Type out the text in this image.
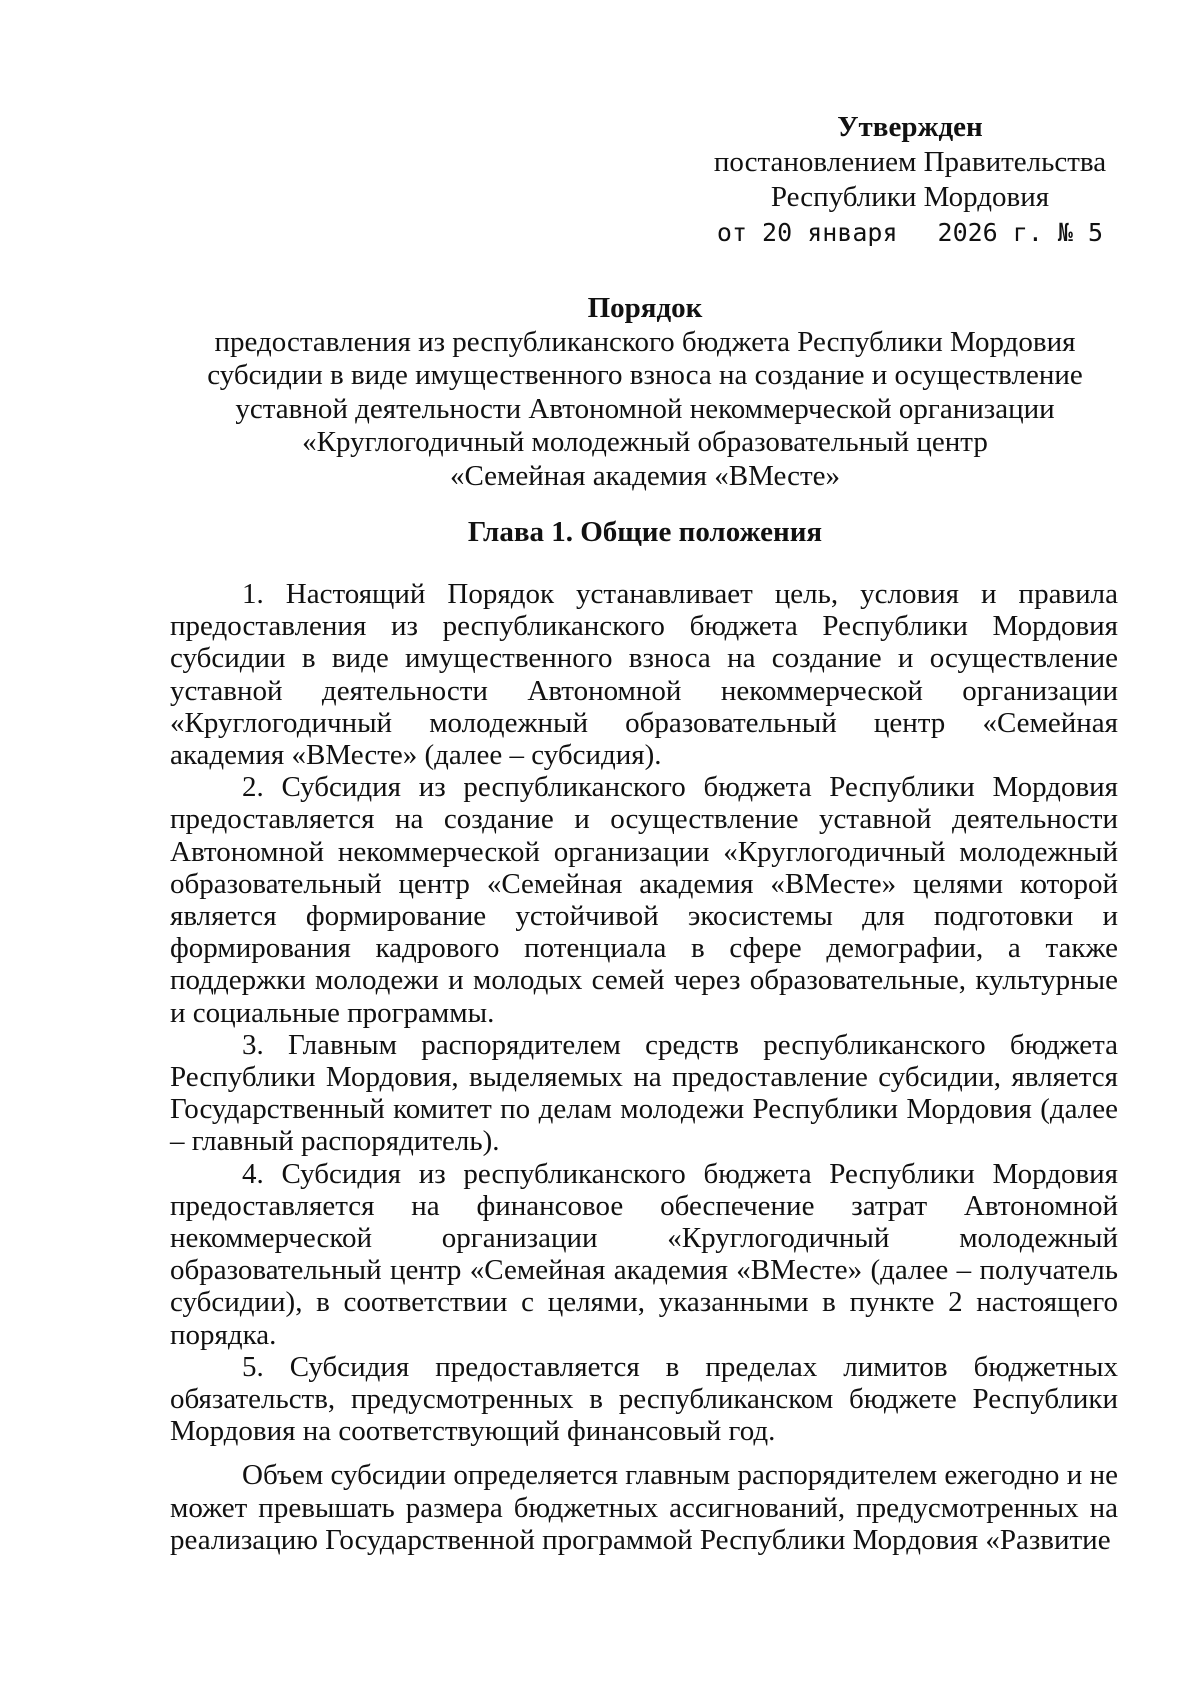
Утвержден
постановлением Правительства
Республики Мордовия
от 20 января 2026 г. № 5
Порядок
предоставления из республиканского бюджета Республики Мордовия
субсидии в виде имущественного взноса на создание и осуществление
уставной деятельности Автономной некоммерческой организации
«Круглогодичный молодежный образовательный центр
«Семейная академия «ВМесте»
Глава 1. Общие положения

1. Настоящий Порядок устанавливает цель, условия и правила предоставления из республиканского бюджета Республики Мордовия субсидии в виде имущественного взноса на создание и осуществление уставной деятельности Автономной некоммерческой организации «Круглогодичный молодежный образовательный центр «Семейная академия «ВМесте» (далее – субсидия).

2. Субсидия из республиканского бюджета Республики Мордовия предоставляется на создание и осуществление уставной деятельности Автономной некоммерческой организации «Круглогодичный молодежный образовательный центр «Семейная академия «ВМесте» целями которой является формирование устойчивой экосистемы для подготовки и формирования кадрового потенциала в сфере демографии, а также поддержки молодежи и молодых семей через образовательные, культурные и социальные программы.

3. Главным распорядителем средств республиканского бюджета Республики Мордовия, выделяемых на предоставление субсидии, является Государственный комитет по делам молодежи Республики Мордовия (далее – главный распорядитель).

4. Субсидия из республиканского бюджета Республики Мордовия предоставляется на финансовое обеспечение затрат Автономной некоммерческой организации «Круглогодичный молодежный образовательный центр «Семейная академия «ВМесте» (далее – получатель субсидии), в соответствии с целями, указанными в пункте 2 настоящего порядка.

5. Субсидия предоставляется в пределах лимитов бюджетных обязательств, предусмотренных в республиканском бюджете Республики Мордовия на соответствующий финансовый год.

Объем субсидии определяется главным распорядителем ежегодно и не может превышать размера бюджетных ассигнований, предусмотренных на реализацию Государственной программой Республики Мордовия «Развитие
